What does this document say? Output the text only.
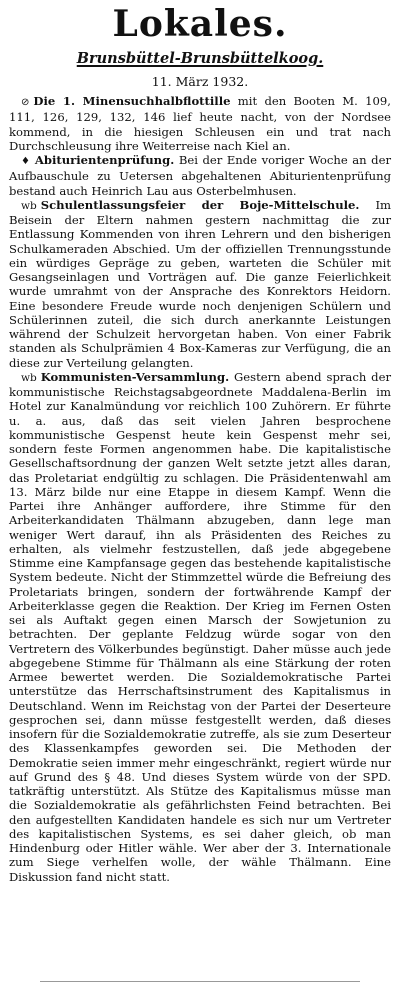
Lokales.
Brunsbüttel-Brunsbüttelkoog.
11. März 1932.

⊘ Die 1. Minensuchhalbflottille mit den Booten M. 109, 111, 126, 129, 132, 146 lief heute nacht, von der Nordsee kommend, in die hiesigen Schleusen ein und trat nach Durchschleusung ihre Weiterreise nach Kiel an.

♦ Abiturientenprüfung. Bei der Ende voriger Woche an der Aufbauschule zu Uetersen abgehaltenen Abiturientenprüfung bestand auch Heinrich Lau aus Osterbelmhusen.

wb Schulentlassungsfeier der Boje-Mittelschule. Im Beisein der Eltern nahmen gestern nachmittag die zur Entlassung Kommenden von ihren Lehrern und den bisherigen Schulkameraden Abschied. Um der offiziellen Trennungsstunde ein würdiges Gepräge zu geben, warteten die Schüler mit Gesangseinlagen und Vorträgen auf. Die ganze Feierlichkeit wurde umrahmt von der Ansprache des Konrektors Heidorn. Eine besondere Freude wurde noch denjenigen Schülern und Schülerinnen zuteil, die sich durch anerkannte Leistungen während der Schulzeit hervorgetan haben. Von einer Fabrik standen als Schulprämien 4 Box-Kameras zur Verfügung, die an diese zur Verteilung gelangten.

wb Kommunisten-Versammlung. Gestern abend sprach der kommunistische Reichstagsabgeordnete Maddalena-Berlin im Hotel zur Kanalmündung vor reichlich 100 Zuhörern. Er führte u. a. aus, daß das seit vielen Jahren besprochene kommunistische Gespenst heute kein Gespenst mehr sei, sondern feste Formen angenommen habe. Die kapitalistische Gesellschaftsordnung der ganzen Welt setzte jetzt alles daran, das Proletariat endgültig zu schlagen. Die Präsidentenwahl am 13. März bilde nur eine Etappe in diesem Kampf. Wenn die Partei ihre Anhänger auffordere, ihre Stimme für den Arbeiterkandidaten Thälmann abzugeben, dann lege man weniger Wert darauf, ihn als Präsidenten des Reiches zu erhalten, als vielmehr festzustellen, daß jede abgegebene Stimme eine Kampfansage gegen das bestehende kapitalistische System bedeute. Nicht der Stimmzettel würde die Befreiung des Proletariats bringen, sondern der fortwährende Kampf der Arbeiterklasse gegen die Reaktion. Der Krieg im Fernen Osten sei als Auftakt gegen einen Marsch der Sowjetunion zu betrachten. Der geplante Feldzug würde sogar von den Vertretern des Völkerbundes begünstigt. Daher müsse auch jede abgegebene Stimme für Thälmann als eine Stärkung der roten Armee bewertet werden. Die Sozialdemokratische Partei unterstütze das Herrschaftsinstrument des Kapitalismus in Deutschland. Wenn im Reichstag von der Partei der Deserteure gesprochen sei, dann müsse festgestellt werden, daß dieses insofern für die Sozialdemokratie zutreffe, als sie zum Deserteur des Klassenkampfes geworden sei. Die Methoden der Demokratie seien immer mehr eingeschränkt, regiert würde nur auf Grund des § 48. Und dieses System würde von der SPD. tatkräftig unterstützt. Als Stütze des Kapitalismus müsse man die Sozialdemokratie als gefährlichsten Feind betrachten. Bei den aufgestellten Kandidaten handele es sich nur um Vertreter des kapitalistischen Systems, es sei daher gleich, ob man Hindenburg oder Hitler wähle. Wer aber der 3. Internationale zum Siege verhelfen wolle, der wähle Thälmann. Eine Diskussion fand nicht statt.
